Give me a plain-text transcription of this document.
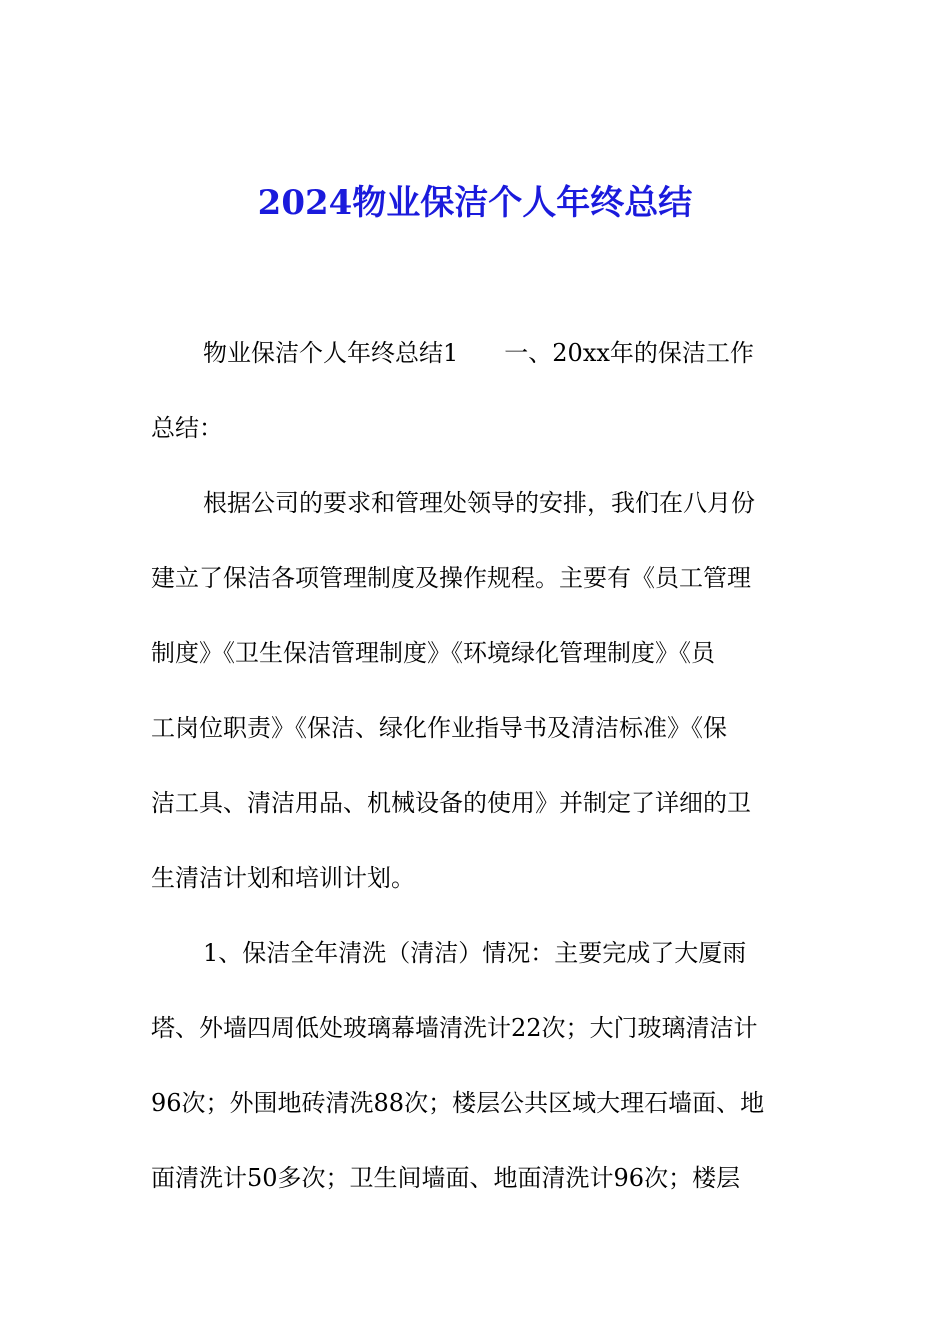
2024物业保洁个人年终总结

物业保洁个人年终总结1 一、20xx年的保洁工作

总结：

根据公司的要求和管理处领导的安排，我们在八月份

建立了保洁各项管理制度及操作规程。主要有《员工管理

制度》《卫生保洁管理制度》《环境绿化管理制度》《员

工岗位职责》《保洁、绿化作业指导书及清洁标准》《保

洁工具、清洁用品、机械设备的使用》并制定了详细的卫

生清洁计划和培训计划。

1、保洁全年清洗（清洁）情况：主要完成了大厦雨

塔、外墙四周低处玻璃幕墙清洗计22次；大门玻璃清洁计

96次；外围地砖清洗88次；楼层公共区域大理石墙面、地

面清洗计50多次；卫生间墙面、地面清洗计96次；楼层
